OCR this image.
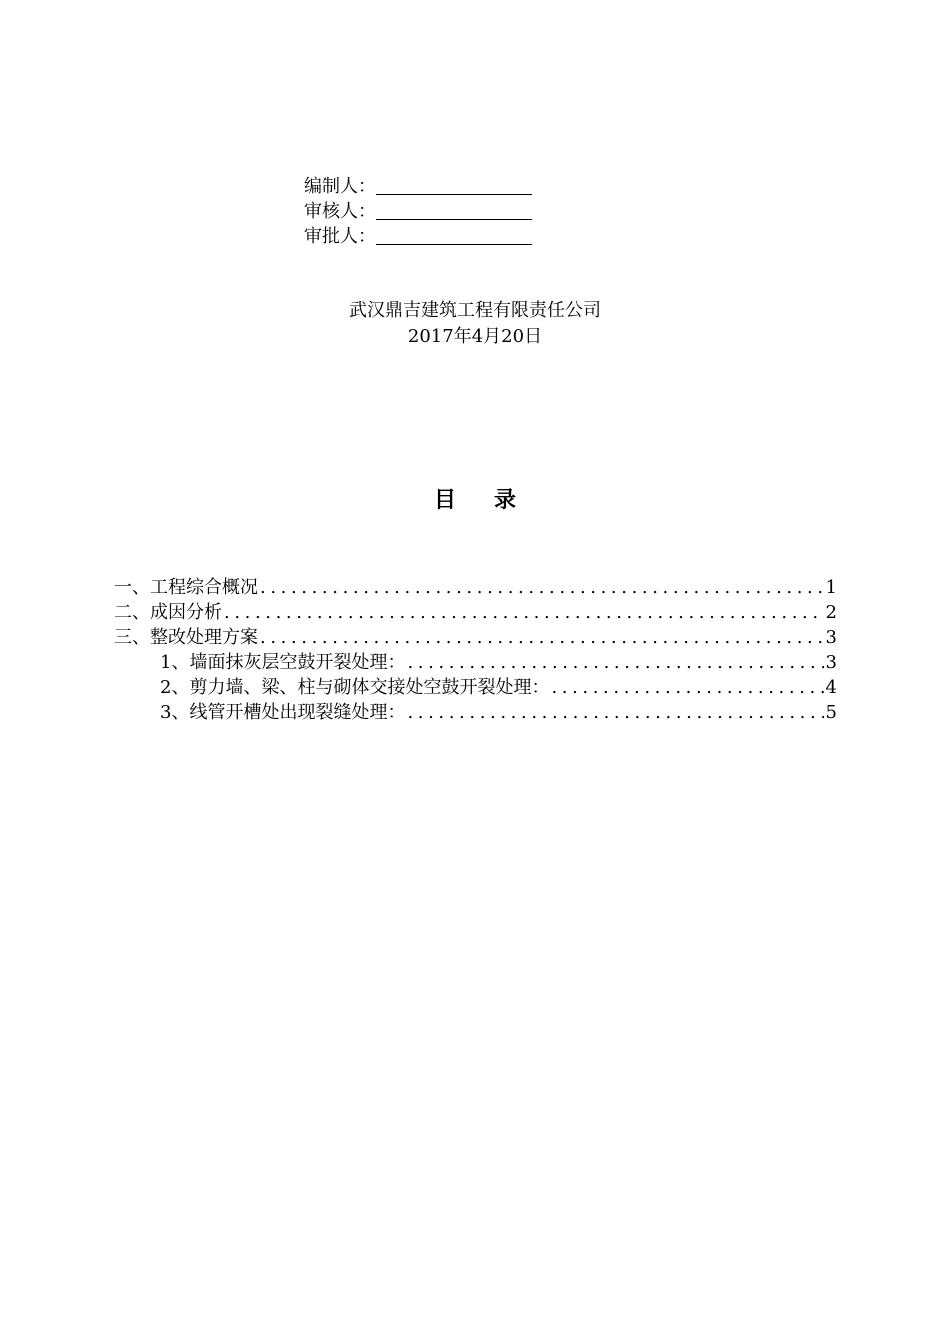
编制人：
审核人：
审批人：
武汉鼎吉建筑工程有限责任公司
2017年4月20日
目录
一、工程综合概况 .....	1
二、成因分析 .....	2
三、整改处理方案 .....	3
1、墙面抹灰层空鼓开裂处理： .....	3
2、剪力墙、梁、柱与砌体交接处空鼓开裂处理： .....	4
3、线管开槽处出现裂缝处理： .....	5
